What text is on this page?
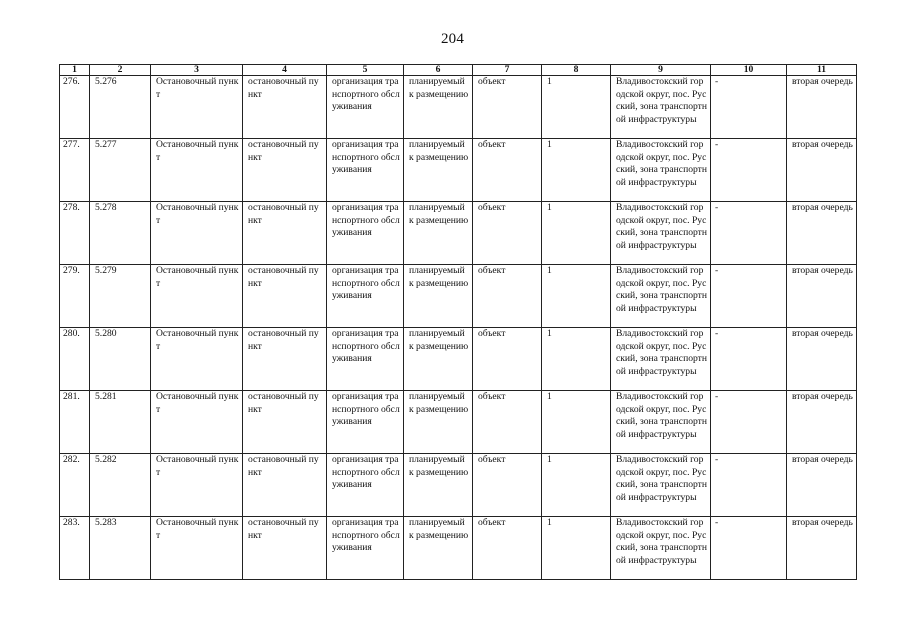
204
1	2	3	4	5	6	7	8	9	10	11
276.	5.276	Остановочный пункт	остановочный пункт	организация транспортного обслуживания	планируемый к размещению	объект	1	Владивостокский городской округ, пос. Русский, зона транспортной инфраструктуры	-	вторая очередь
277.	5.277	Остановочный пункт	остановочный пункт	организация транспортного обслуживания	планируемый к размещению	объект	1	Владивостокский городской округ, пос. Русский, зона транспортной инфраструктуры	-	вторая очередь
278.	5.278	Остановочный пункт	остановочный пункт	организация транспортного обслуживания	планируемый к размещению	объект	1	Владивостокский городской округ, пос. Русский, зона транспортной инфраструктуры	-	вторая очередь
279.	5.279	Остановочный пункт	остановочный пункт	организация транспортного обслуживания	планируемый к размещению	объект	1	Владивостокский городской округ, пос. Русский, зона транспортной инфраструктуры	-	вторая очередь
280.	5.280	Остановочный пункт	остановочный пункт	организация транспортного обслуживания	планируемый к размещению	объект	1	Владивостокский городской округ, пос. Русский, зона транспортной инфраструктуры	-	вторая очередь
281.	5.281	Остановочный пункт	остановочный пункт	организация транспортного обслуживания	планируемый к размещению	объект	1	Владивостокский городской округ, пос. Русский, зона транспортной инфраструктуры	-	вторая очередь
282.	5.282	Остановочный пункт	остановочный пункт	организация транспортного обслуживания	планируемый к размещению	объект	1	Владивостокский городской округ, пос. Русский, зона транспортной инфраструктуры	-	вторая очередь
283.	5.283	Остановочный пункт	остановочный пункт	организация транспортного обслуживания	планируемый к размещению	объект	1	Владивостокский городской округ, пос. Русский, зона транспортной инфраструктуры	-	вторая очередь
